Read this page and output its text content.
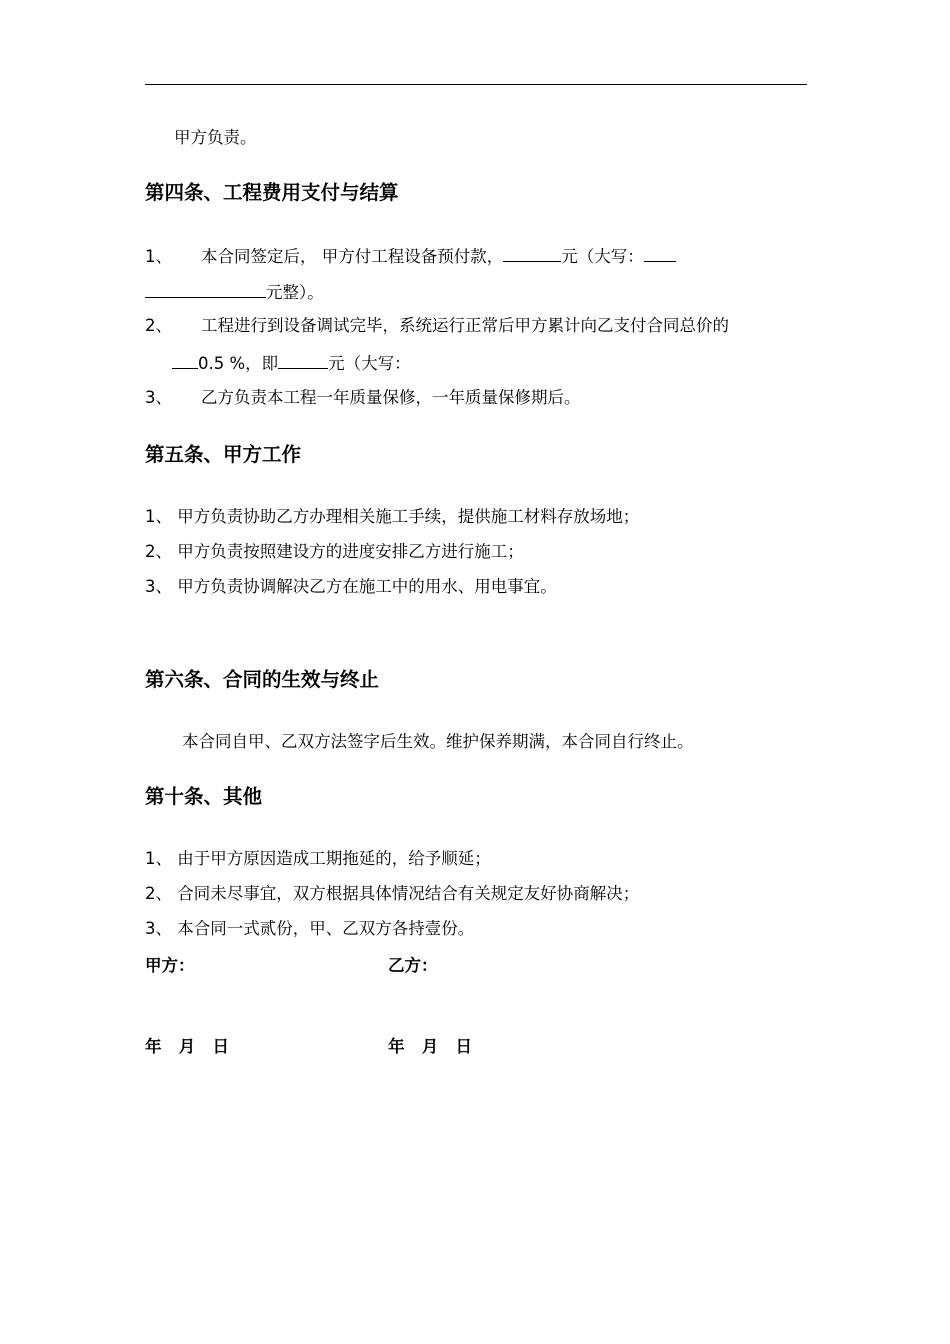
甲方负责。
第四条、工程费用支付与结算
1、 本合同签定后， 甲方付工程设备预付款，	元（大写：
元整）。
2、 工程进行到设备调试完毕，系统运行正常后甲方累计向乙支付合同总价的
0.5 %，即	元（大写：
3、 乙方负责本工程一年质量保修，一年质量保修期后。
第五条、甲方工作
1、 甲方负责协助乙方办理相关施工手续，提供施工材料存放场地；
2、 甲方负责按照建设方的进度安排乙方进行施工；
3、 甲方负责协调解决乙方在施工中的用水、用电事宜。
第六条、合同的生效与终止
本合同自甲、乙双方法签字后生效。维护保养期满，本合同自行终止。
第十条、其他
1、 由于甲方原因造成工期拖延的，给予顺延；
2、 合同未尽事宜，双方根据具体情况结合有关规定友好协商解决；
3、 本合同一式贰份，甲、乙双方各持壹份。
甲方：	乙方：
年   月   日	年   月   日
